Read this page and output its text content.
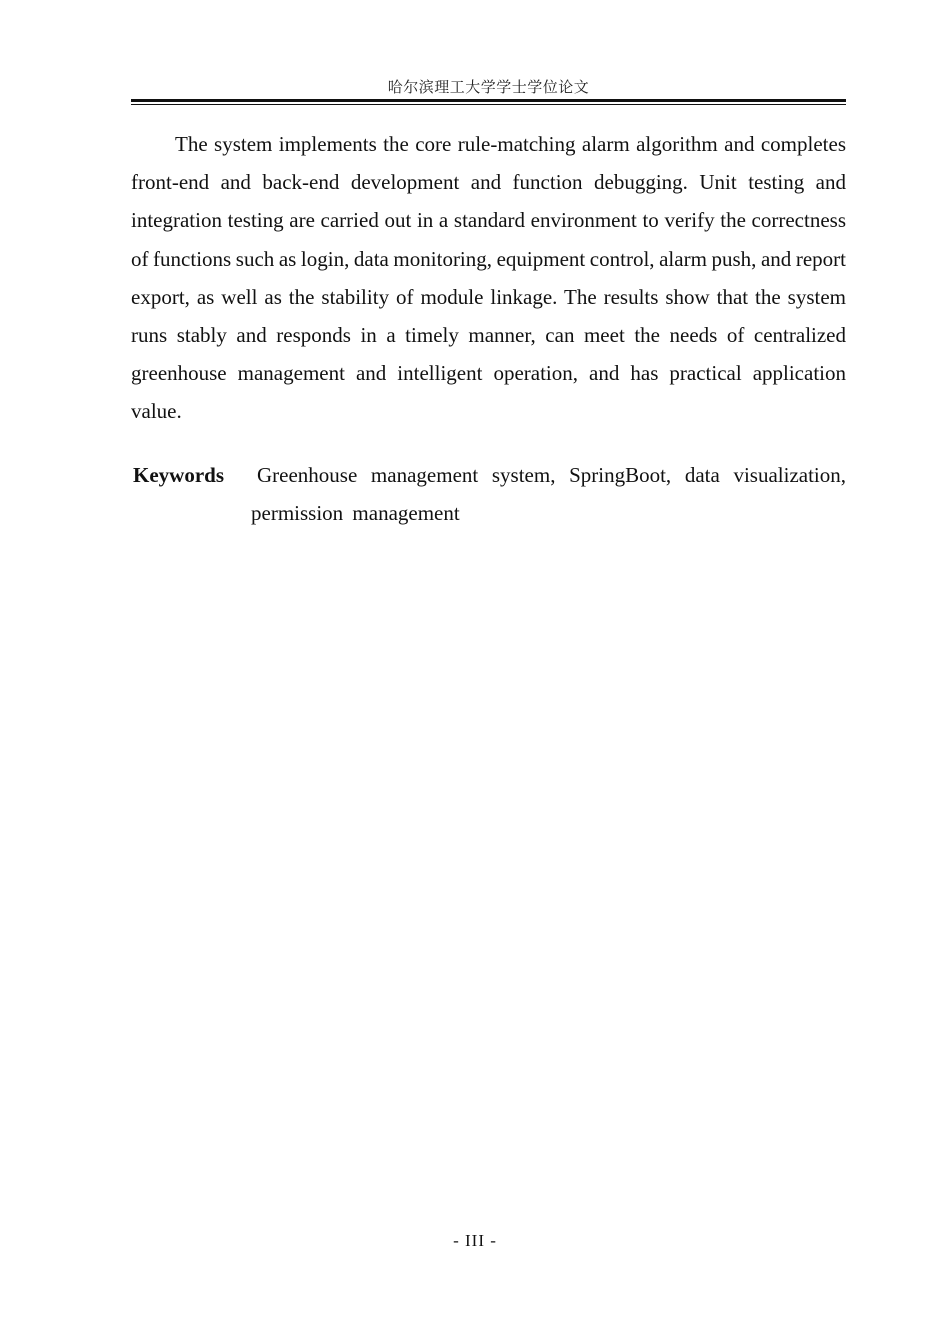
哈尔滨理工大学学士学位论文

The system implements the core rule-matching alarm algorithm and completes front-end and back-end development and function debugging. Unit testing and integration testing are carried out in a standard environment to verify the correctness of functions such as login, data monitoring, equipment control, alarm push, and report export, as well as the stability of module linkage. The results show that the system runs stably and responds in a timely manner, can meet the needs of centralized greenhouse management and intelligent operation, and has practical application value.

Keywords Greenhouse management system, SpringBoot, data visualization,
permission management
- III -
